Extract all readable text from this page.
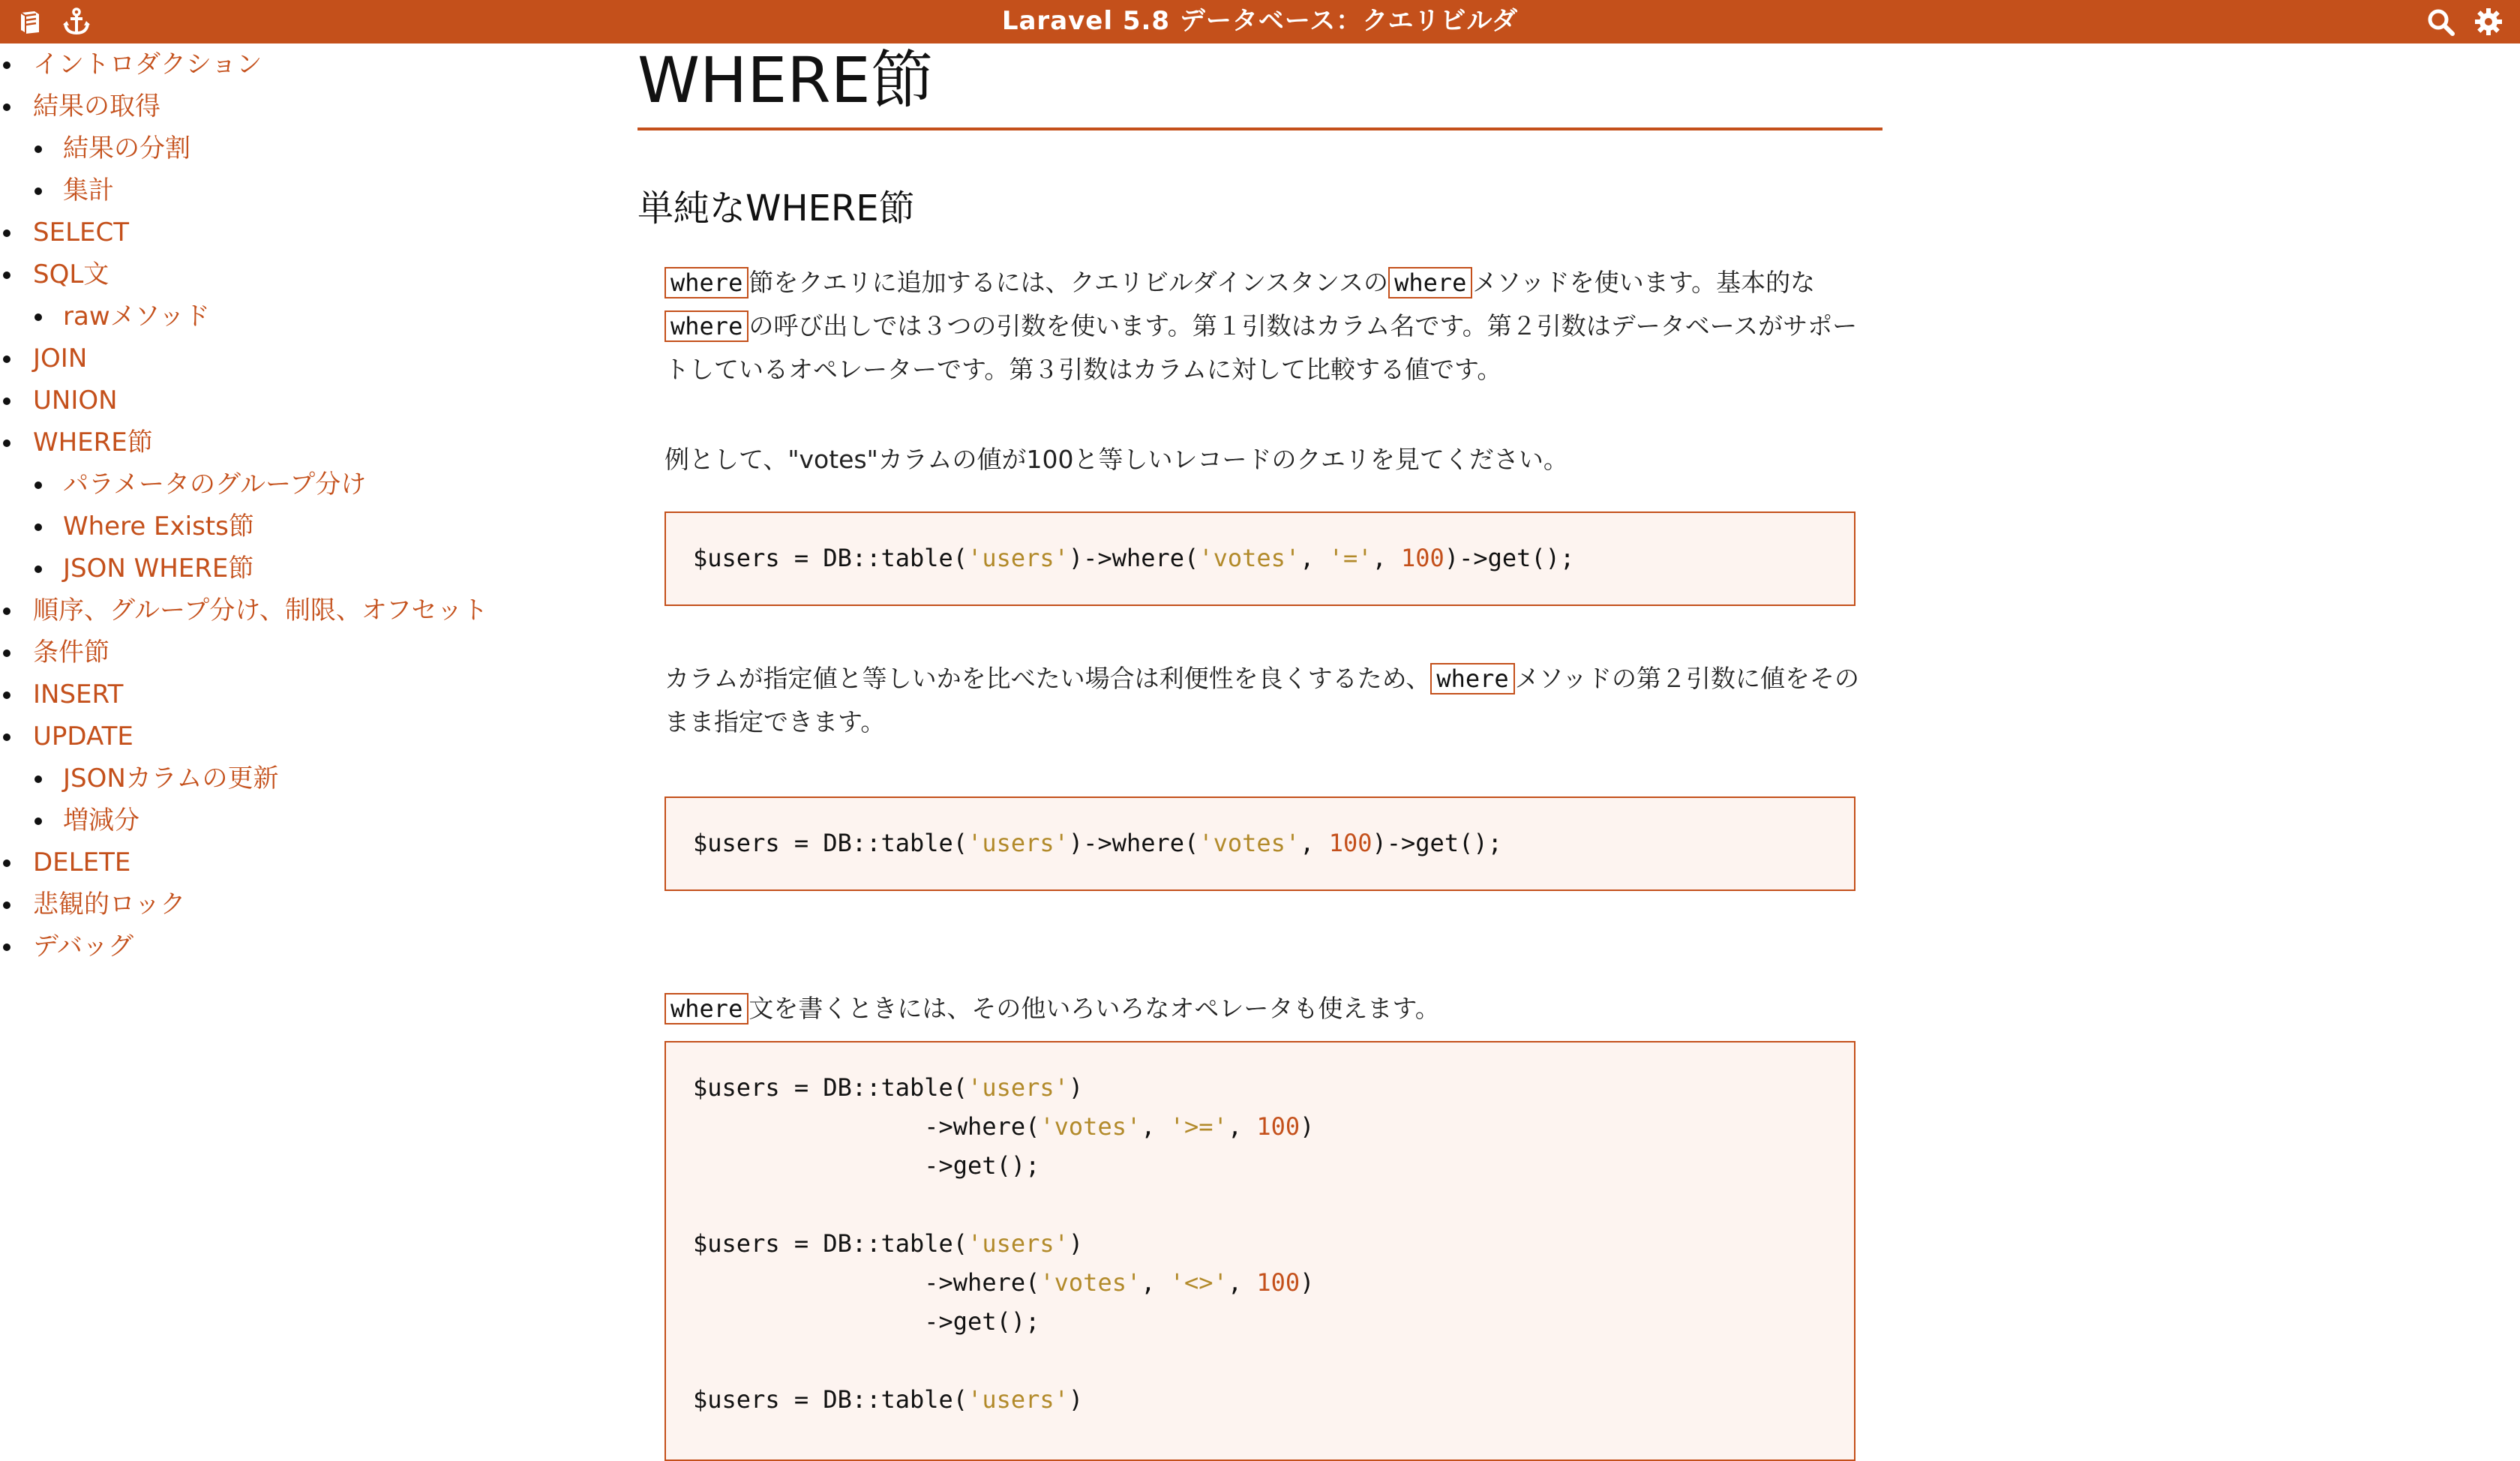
Laravel 5.8 データベース：クエリビルダ
イントロダクション
結果の取得
結果の分割
集計
SELECT
SQL文
rawメソッド
JOIN
UNION
WHERE節
パラメータのグループ分け
Where Exists節
JSON WHERE節
順序、グループ分け、制限、オフセット
条件節
INSERT
UPDATE
JSONカラムの更新
増減分
DELETE
悲観的ロック
デバッグ
WHERE節
単純なWHERE節

where 節をクエリに追加するには、クエリビルダインスタンスの where メソッドを使います。基本的なwhere の呼び出しでは３つの引数を使います。第１引数はカラム名です。第２引数はデータベースがサポートしているオペレーターです。第３引数はカラムに対して比較する値です。

例として、"votes"カラムの値が100と等しいレコードのクエリを見てください。

$users = DB::table('users')->where('votes', '=', 100)->get();

カラムが指定値と等しいかを比べたい場合は利便性を良くするため、 where メソッドの第２引数に値をそのまま指定できます。

$users = DB::table('users')->where('votes', 100)->get();

where 文を書くときには、その他いろいろなオペレータも使えます。

$users = DB::table('users')
->where('votes', '>=', 100)
->get();

$users = DB::table('users')
->where('votes', '<>', 100)
->get();

$users = DB::table('users')
